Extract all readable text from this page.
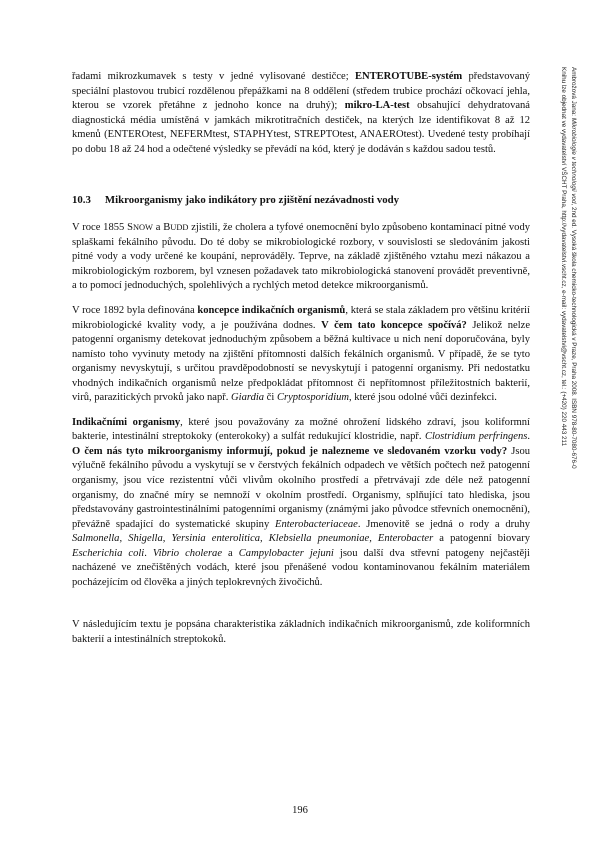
řadami mikrozkumavek s testy v jedné vylisované destičce; ENTEROTUBE-systém představovaný speciální plastovou trubicí rozdělenou přepážkami na 8 oddělení (středem trubice prochází očkovací jehla, kterou se vzorek přetáhne z jednoho konce na druhý); mikro-LA-test obsahující dehydratovaná diagnostická média umístěná v jamkách mikrotitračních destiček, na kterých lze identifikovat 8 až 12 kmenů (ENTEROtest, NEFERMtest, STAPHYtest, STREPTOtest, ANAEROtest). Uvedené testy probíhají po dobu 18 až 24 hod a odečtené výsledky se převádí na kód, který je dodáván s každou sadou testů.

10.3 Mikroorganismy jako indikátory pro zjištění nezávadnosti vody

V roce 1855 SNOW a BUDD zjistili, že cholera a tyfové onemocnění bylo způsobeno kontaminací pitné vody splaškami fekálního původu. Do té doby se mikrobiologické rozbory, v souvislosti se sledováním jakosti pitné vody a vody určené ke koupání, neprováděly. Teprve, na základě zjištěného vztahu mezi nákazou a mikrobiologickým rozborem, byl vznesen požadavek tato mikrobiologická stanovení provádět preventivně, a to pomocí jednoduchých, spolehlivých a rychlých metod detekce mikroorganismů.

V roce 1892 byla definována koncepce indikačních organismů, která se stala základem pro většinu kritérií mikrobiologické kvality vody, a je používána dodnes. V čem tato koncepce spočívá? Jelikož nelze patogenní organismy detekovat jednoduchým způsobem a běžná kultivace u nich není doporučována, byly namísto toho vyvinuty metody na zjištění přítomnosti dalších fekálních organismů. V případě, že se tyto organismy nevyskytují, s určitou pravděpodobností se nevyskytují i patogenní organismy. Při nedostatku vhodných indikačních organismů nelze předpokládat přítomnost či nepřítomnost příležitostních bakterií, virů, parazitických prvoků jako např. Giardia či Cryptosporidium, které jsou odolné vůči dezinfekci.

Indikačními organismy, které jsou považovány za možné ohrožení lidského zdraví, jsou koliformní bakterie, intestinální streptokoky (enterokoky) a sulfát redukující klostridie, např. Clostridium perfringens. O čem nás tyto mikroorganismy informují, pokud je nalezneme ve sledovaném vzorku vody? Jsou výlučně fekálního původu a vyskytují se v čerstvých fekálních odpadech ve větších počtech než patogenní organismy, jsou více rezistentní vůči vlivům okolního prostředí a přetrvávají zde déle než patogenní organismy, do značné míry se nemnoží v okolním prostředí. Organismy, splňující tato hlediska, jsou představovány gastrointestinálními patogenními organismy (známými jako původce střevních onemocnění), převážně spadající do systematické skupiny Enterobacteriaceae. Jmenovitě se jedná o rody a druhy Salmonella, Shigella, Yersinia enterolitica, Klebsiella pneumoniae, Enterobacter a patogenní biovary Escherichia coli. Vibrio cholerae a Campylobacter jejuni jsou další dva střevní patogeny nejčastěji nacházené ve znečištěných vodách, které jsou přenášené vodou kontaminovanou fekálním materiálem pocházejícím od člověka a jiných teplokrevných živočichů.

V následujícím textu je popsána charakteristika základních indikačních mikroorganismů, zde koliformních bakterií a intestinálních streptokoků.

Ambrožová Jana: Mikrobiologie v technologii vod, 2nd ed. Vysoká škola chemicko-technologická v Praze, Praha 2008. ISBN 978-80-7080-676-0
Knihu lze objednat ve vydavatelství VŠCHT Praha, http://vydavatelstvi.vscht.cz, e-mail: vydavatelstvi@vscht.cz, tel.: (+420) 220 443 211
196
